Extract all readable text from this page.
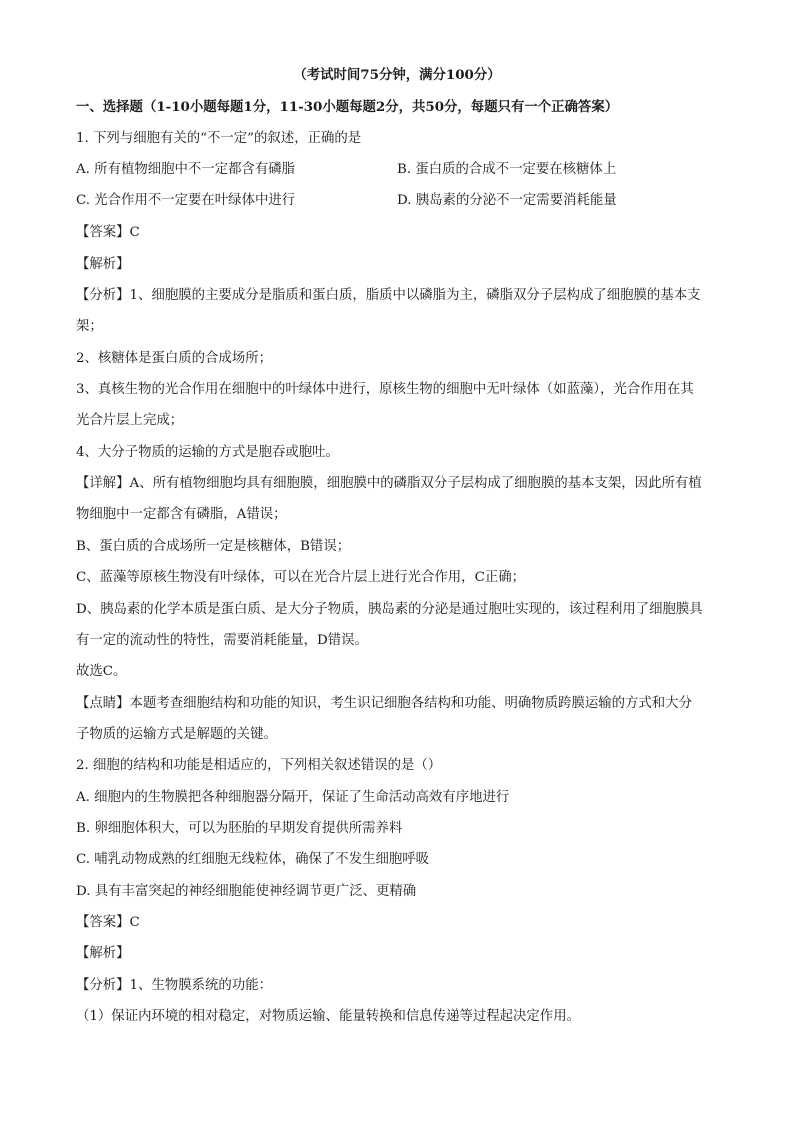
（考试时间75分钟，满分100分）
一、选择题（1-10小题每题1分，11-30小题每题2分，共50分，每题只有一个正确答案）
1. 下列与细胞有关的“不一定”的叙述，正确的是
A. 所有植物细胞中不一定都含有磷脂	B. 蛋白质的合成不一定要在核糖体上
C. 光合作用不一定要在叶绿体中进行	D. 胰岛素的分泌不一定需要消耗能量
【答案】C
【解析】
【分析】1、细胞膜的主要成分是脂质和蛋白质，脂质中以磷脂为主，磷脂双分子层构成了细胞膜的基本支
架；
2、核糖体是蛋白质的合成场所；
3、真核生物的光合作用在细胞中的叶绿体中进行，原核生物的细胞中无叶绿体（如蓝藻），光合作用在其
光合片层上完成；
4、大分子物质的运输的方式是胞吞或胞吐。
【详解】A、所有植物细胞均具有细胞膜，细胞膜中的磷脂双分子层构成了细胞膜的基本支架，因此所有植
物细胞中一定都含有磷脂，A错误；
B、蛋白质的合成场所一定是核糖体，B错误；
C、蓝藻等原核生物没有叶绿体，可以在光合片层上进行光合作用，C正确；
D、胰岛素的化学本质是蛋白质、是大分子物质，胰岛素的分泌是通过胞吐实现的，该过程利用了细胞膜具
有一定的流动性的特性，需要消耗能量，D错误。
故选C。
【点睛】本题考查细胞结构和功能的知识，考生识记细胞各结构和功能、明确物质跨膜运输的方式和大分
子物质的运输方式是解题的关键。
2. 细胞的结构和功能是相适应的，下列相关叙述错误的是（）
A. 细胞内的生物膜把各种细胞器分隔开，保证了生命活动高效有序地进行
B. 卵细胞体积大，可以为胚胎的早期发育提供所需养料
C. 哺乳动物成熟的红细胞无线粒体，确保了不发生细胞呼吸
D. 具有丰富突起的神经细胞能使神经调节更广泛、更精确
【答案】C
【解析】
【分析】1、生物膜系统的功能：
（1）保证内环境的相对稳定，对物质运输、能量转换和信息传递等过程起决定作用。
